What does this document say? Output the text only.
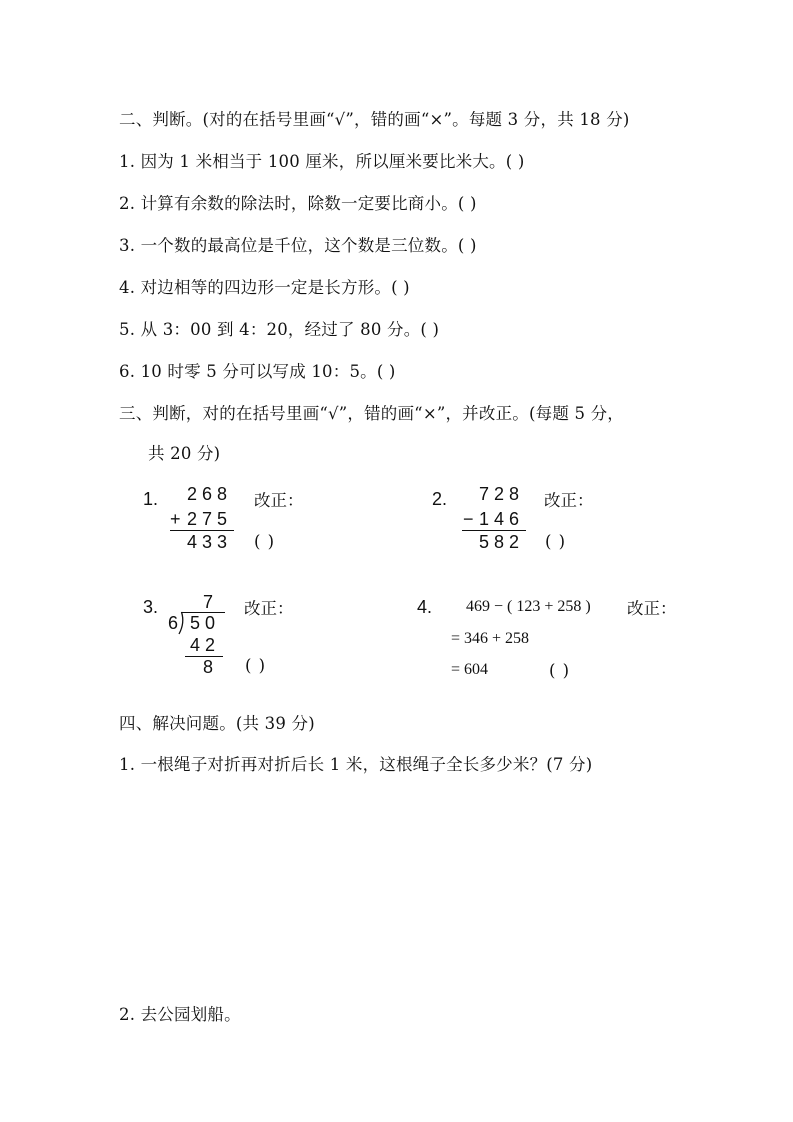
二、判断。(对的在括号里画“√”，错的画“×”。每题 3 分，共 18 分)
1. 因为 1 米相当于 100 厘米，所以厘米要比米大。( )
2. 计算有余数的除法时，除数一定要比商小。( )
3. 一个数的最高位是千位，这个数是三位数。( )
4. 对边相等的四边形一定是长方形。( )
5. 从 3：00 到 4：20，经过了 80 分。( )
6. 10 时零 5 分可以写成 10：5。( )
三、判断，对的在括号里画“√”，错的画“×”，并改正。(每题 5 分，
共 20 分)
1. 268
+ 275
433
改正：
( )
2. 728
− 146
582
改正：
( )
3. 7
6 50
42
8
改正：
( )
4. 469 − ( 123 + 258 )
= 346 + 258
= 604
改正：
( )
四、解决问题。(共 39 分)
1. 一根绳子对折再对折后长 1 米，这根绳子全长多少米？(7 分)
2. 去公园划船。
